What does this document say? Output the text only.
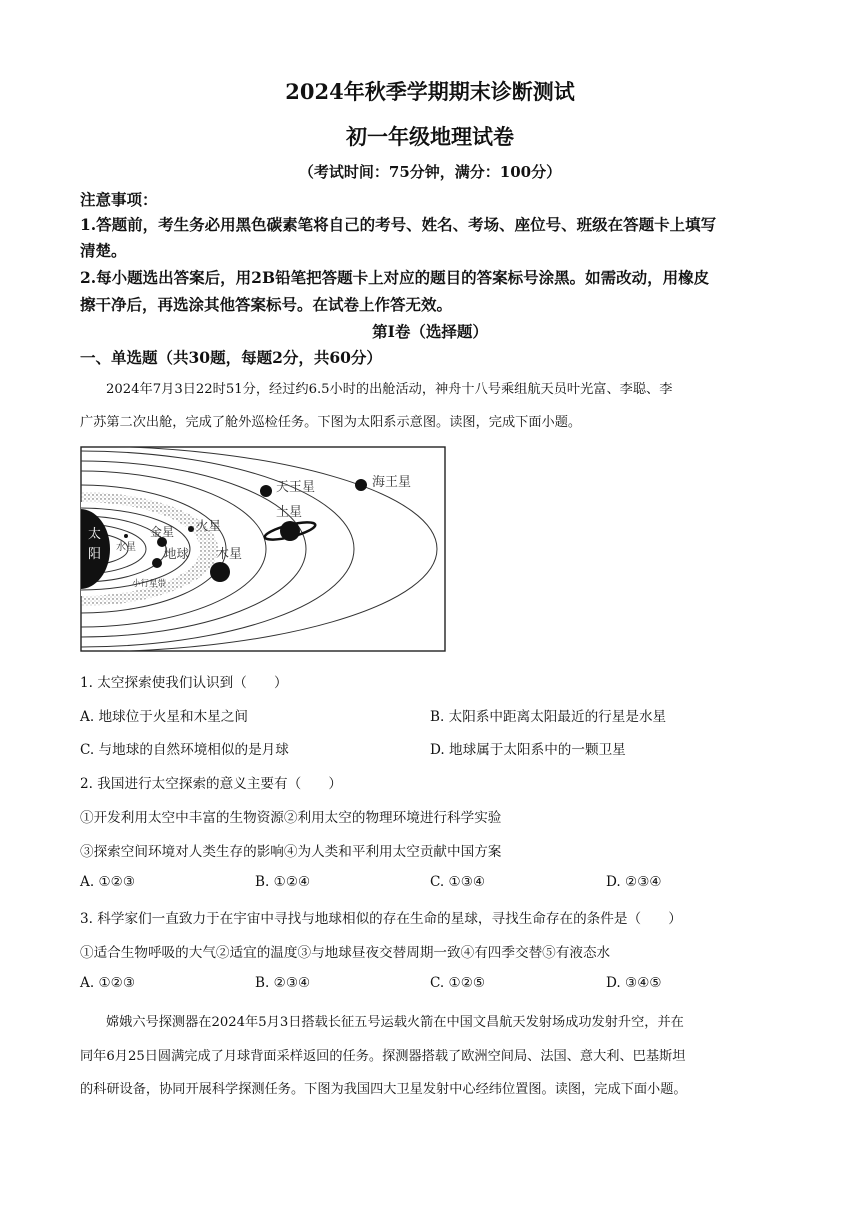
2024年秋季学期期末诊断测试
初一年级地理试卷
（考试时间：75分钟，满分：100分）
注意事项：
1.答题前，考生务必用黑色碳素笔将自己的考号、姓名、考场、座位号、班级在答题卡上填写
清楚。
2.每小题选出答案后，用2B铅笔把答题卡上对应的题目的答案标号涂黑。如需改动，用橡皮
擦干净后，再选涂其他答案标号。在试卷上作答无效。
第Ⅰ卷（选择题）
一、单选题（共30题，每题2分，共60分）
2024年7月3日22时51分，经过约6.5小时的出舱活动，神舟十八号乘组航天员叶光富、李聪、李
广苏第二次出舱，完成了舱外巡检任务。下图为太阳系示意图。读图，完成下面小题。
太
阳 水星
金星
地球
火星
小行星带
木星
土星
天王星	海王星
1. 太空探索使我们认识到（　　）
A. 地球位于火星和木星之间	B. 太阳系中距离太阳最近的行星是水星
C. 与地球的自然环境相似的是月球	D. 地球属于太阳系中的一颗卫星
2. 我国进行太空探索的意义主要有（　　）
①开发利用太空中丰富的生物资源②利用太空的物理环境进行科学实验
③探索空间环境对人类生存的影响④为人类和平利用太空贡献中国方案
A. ①②③	B. ①②④	C. ①③④	D. ②③④
3. 科学家们一直致力于在宇宙中寻找与地球相似的存在生命的星球，寻找生命存在的条件是（　　）
①适合生物呼吸的大气②适宜的温度③与地球昼夜交替周期一致④有四季交替⑤有液态水
A. ①②③	B. ②③④	C. ①②⑤	D. ③④⑤
嫦娥六号探测器在2024年5月3日搭载长征五号运载火箭在中国文昌航天发射场成功发射升空，并在
同年6月25日圆满完成了月球背面采样返回的任务。探测器搭载了欧洲空间局、法国、意大利、巴基斯坦
的科研设备，协同开展科学探测任务。下图为我国四大卫星发射中心经纬位置图。读图，完成下面小题。
